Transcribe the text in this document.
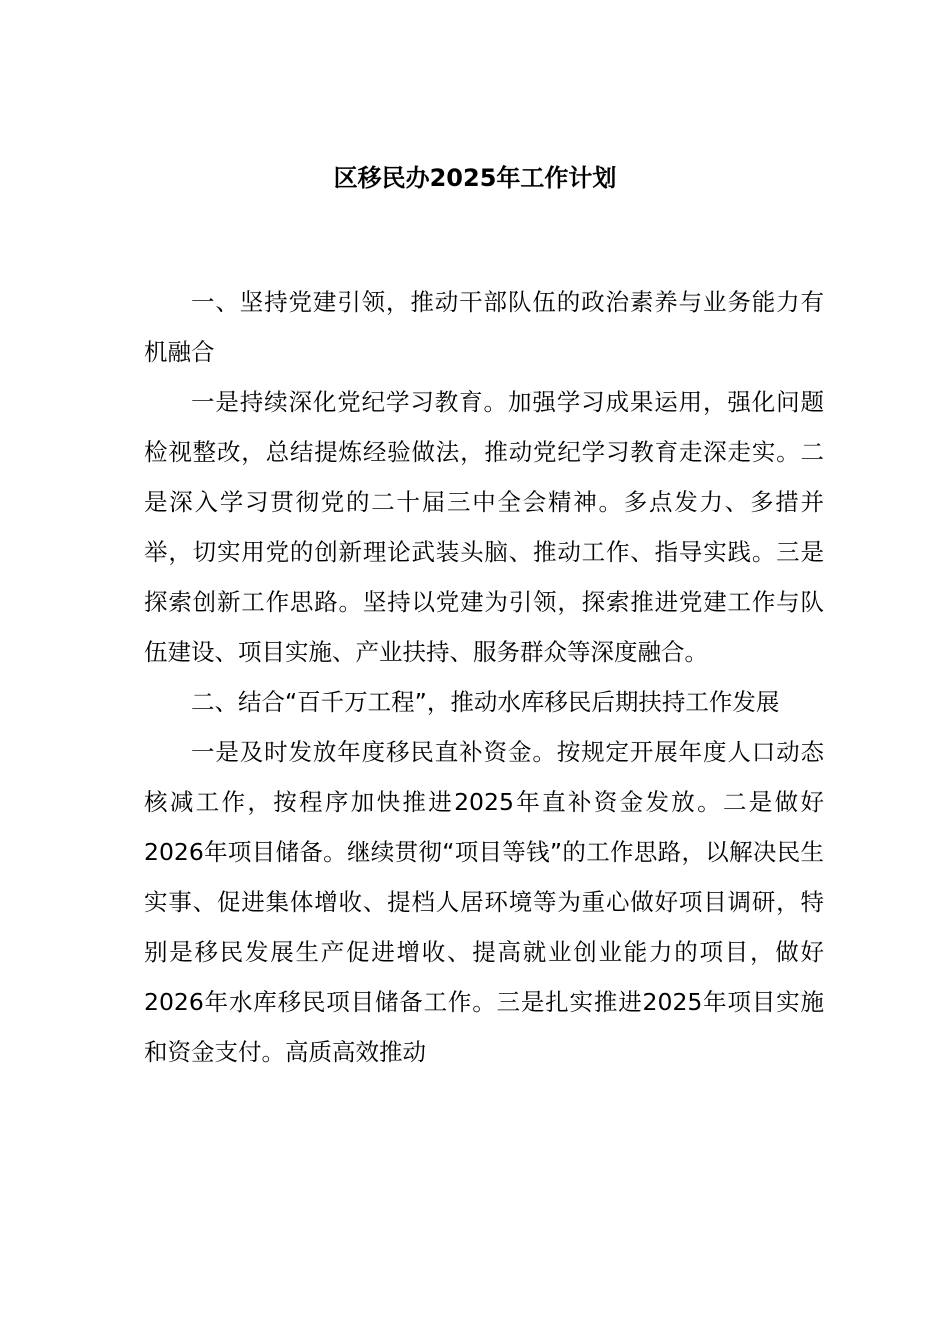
区移民办2025年工作计划

一、坚持党建引领，推动干部队伍的政治素养与业务能力有机融合

一是持续深化党纪学习教育。加强学习成果运用，强化问题检视整改，总结提炼经验做法，推动党纪学习教育走深走实。二是深入学习贯彻党的二十届三中全会精神。多点发力、多措并举，切实用党的创新理论武装头脑、推动工作、指导实践。三是探索创新工作思路。坚持以党建为引领，探索推进党建工作与队伍建设、项目实施、产业扶持、服务群众等深度融合。

二、结合“百千万工程”，推动水库移民后期扶持工作发展

一是及时发放年度移民直补资金。按规定开展年度人口动态核减工作，按程序加快推进2025年直补资金发放。二是做好2026年项目储备。继续贯彻“项目等钱”的工作思路，以解决民生实事、促进集体增收、提档人居环境等为重心做好项目调研，特别是移民发展生产促进增收、提高就业创业能力的项目，做好2026年水库移民项目储备工作。三是扎实推进2025年项目实施和资金支付。高质高效推动
